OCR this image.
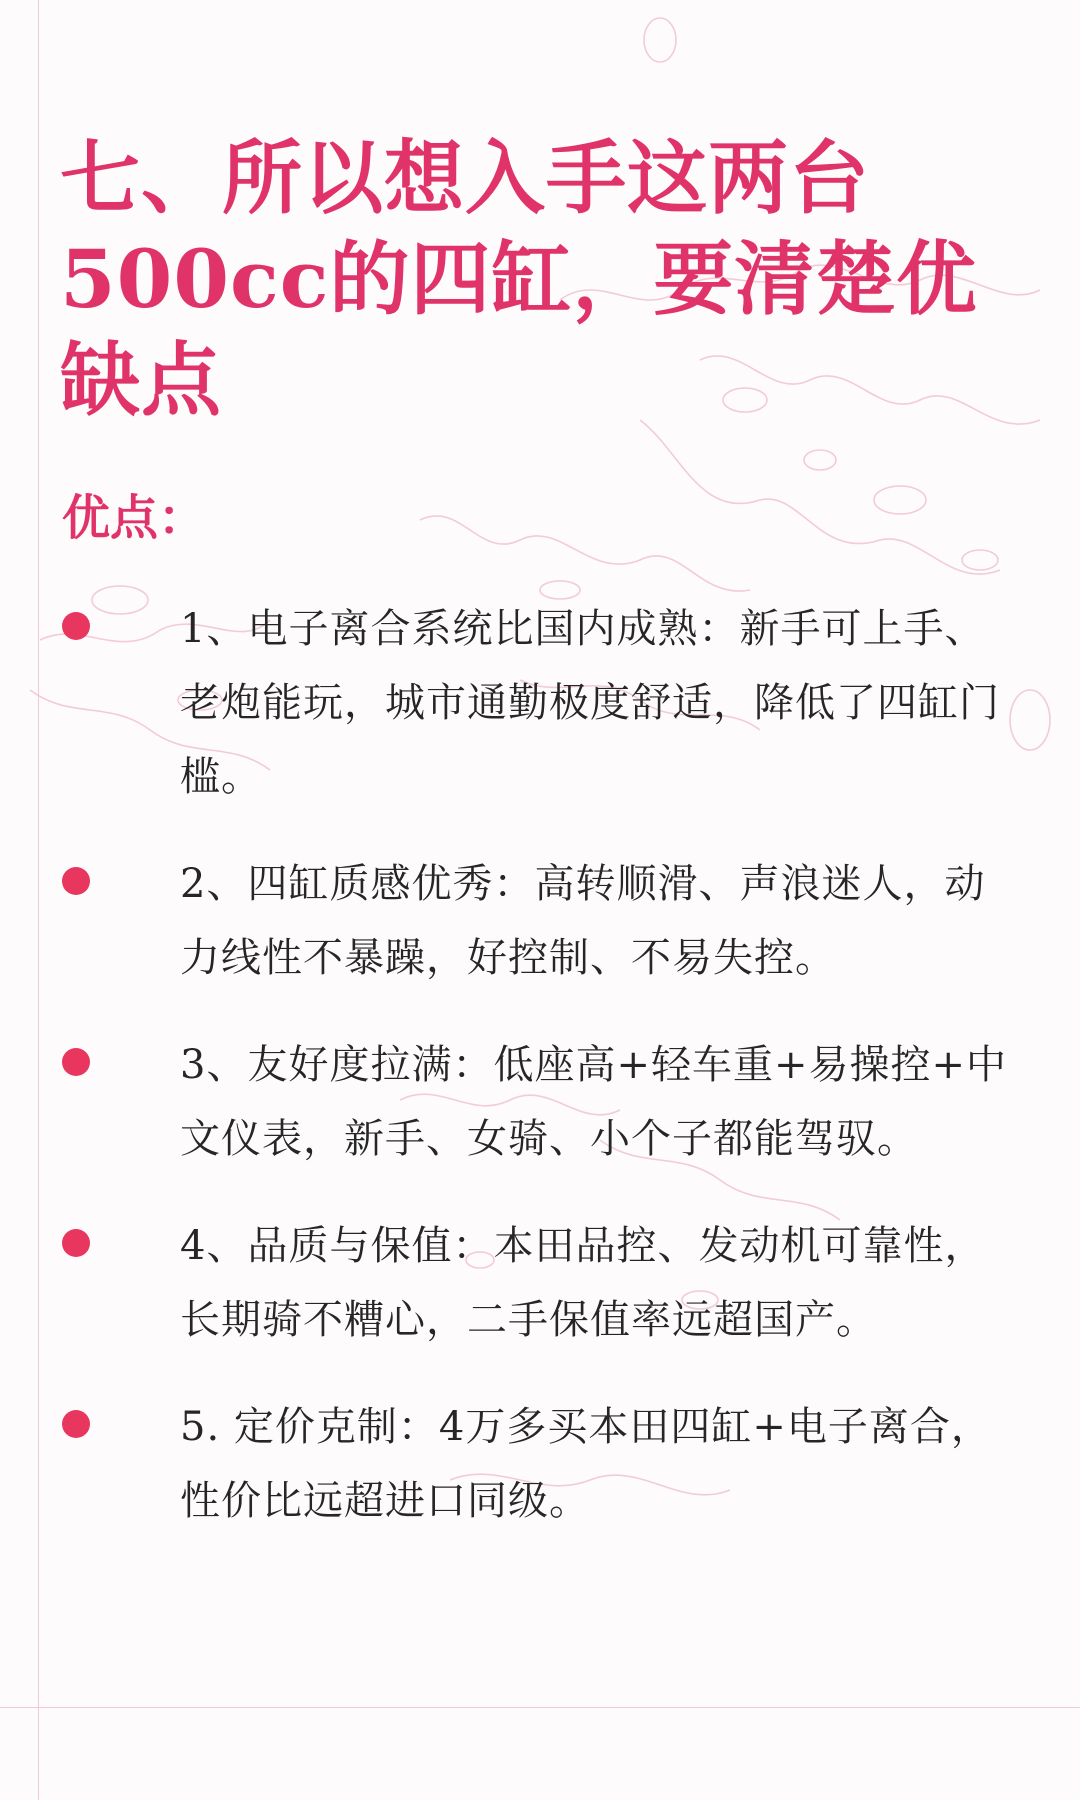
七、所以想入手这两台500cc的四缸，要清楚优缺点
优点：
1、电子离合系统比国内成熟：新手可上手、老炮能玩，城市通勤极度舒适，降低了四缸门槛。
2、四缸质感优秀：高转顺滑、声浪迷人，动力线性不暴躁，好控制、不易失控。
3、友好度拉满：低座高+轻车重+易操控+中文仪表，新手、女骑、小个子都能驾驭。
4、品质与保值：本田品控、发动机可靠性，长期骑不糟心，二手保值率远超国产。
5. 定价克制：4万多买本田四缸+电子离合，性价比远超进口同级。
